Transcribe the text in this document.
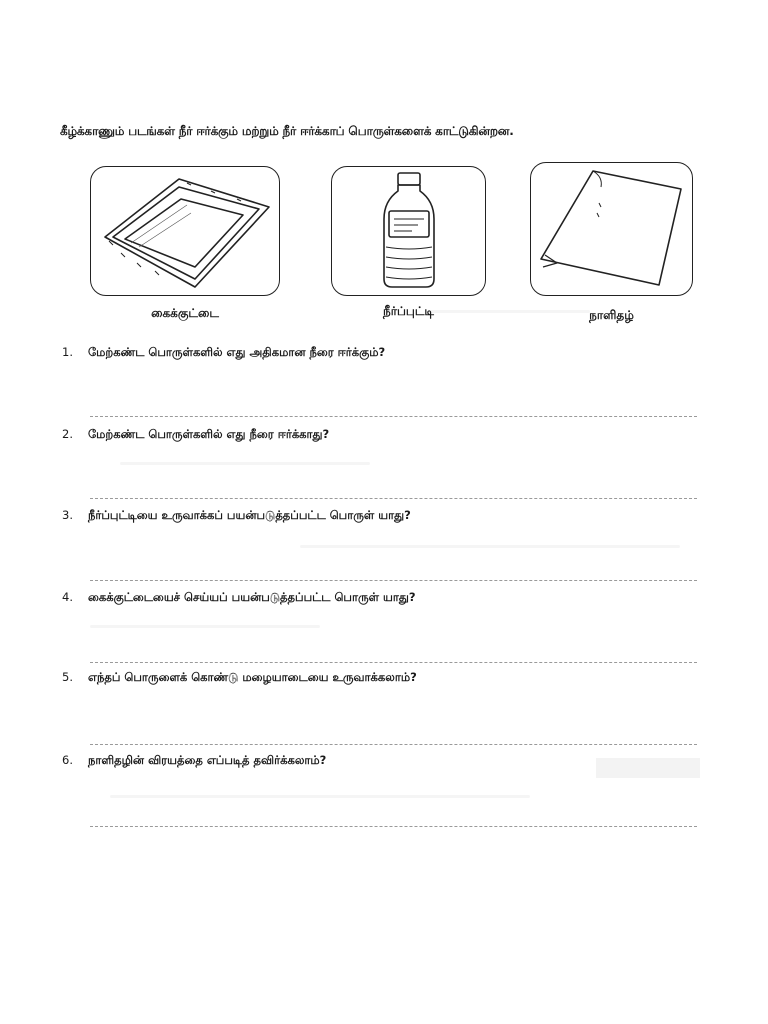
கீழ்க்காணும் படங்கள் நீர் ஈர்க்கும் மற்றும் நீர் ஈர்க்காப் பொருள்களைக் காட்டுகின்றன.
கைக்குட்டை	நீர்ப்புட்டி	நாளிதழ்
1. மேற்கண்ட பொருள்களில் எது அதிகமான நீரை ஈர்க்கும்?
2. மேற்கண்ட பொருள்களில் எது நீரை ஈர்க்காது?
3. நீர்ப்புட்டியை உருவாக்கப் பயன்படுத்தப்பட்ட பொருள் யாது?
4. கைக்குட்டையைச் செய்யப் பயன்படுத்தப்பட்ட பொருள் யாது?
5. எந்தப் பொருளைக் கொண்டு மழையாடையை உருவாக்கலாம்?
6. நாளிதழின் விரயத்தை எப்படித் தவிர்க்கலாம்?
